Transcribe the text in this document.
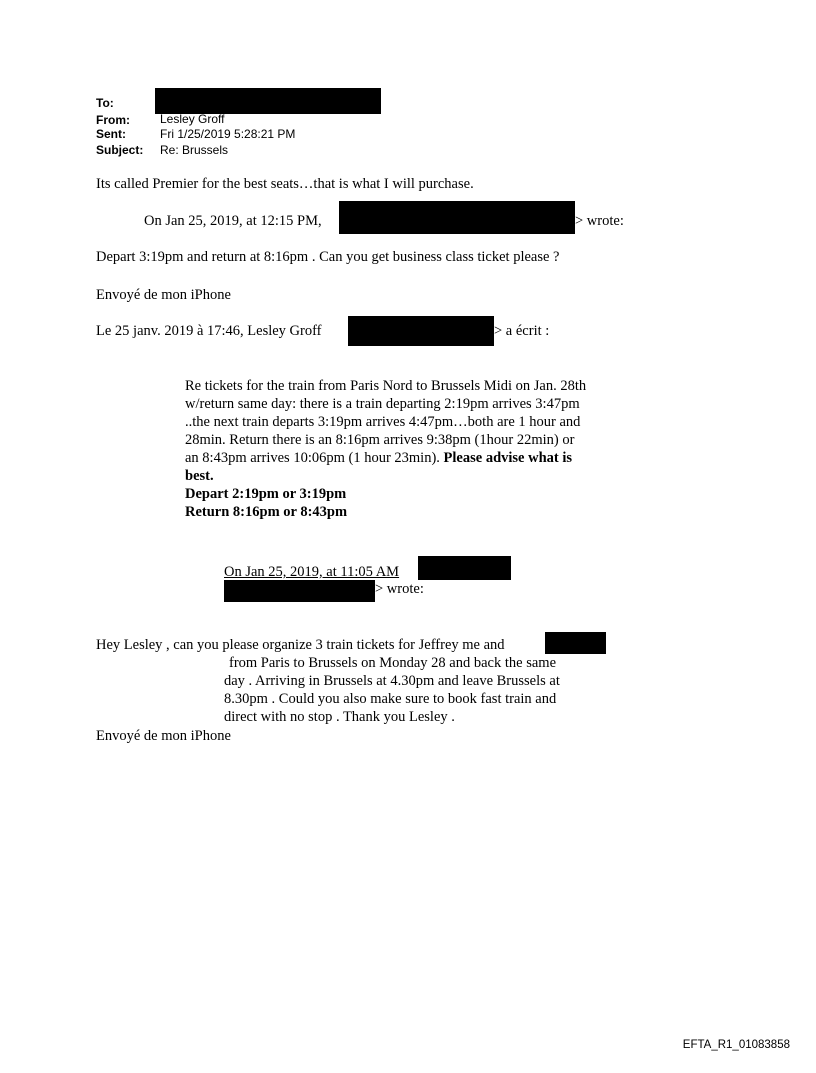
To:
From:	Lesley Groff
Sent:	Fri 1/25/2019 5:28:21 PM
Subject: Re: Brussels
Its called Premier for the best seats…that is what I will purchase.
On Jan 25, 2019, at 12:15 PM,	> wrote:
Depart 3:19pm and return at 8:16pm . Can you get business class ticket please ?
Envoyé de mon iPhone
Le 25 janv. 2019 à 17:46, Lesley Groff	> a écrit :
Re tickets for the train from Paris Nord to Brussels Midi on Jan. 28th
w/return same day: there is a train departing 2:19pm arrives 3:47pm
..the next train departs 3:19pm arrives 4:47pm…both are 1 hour and
28min. Return there is an 8:16pm arrives 9:38pm (1hour 22min) or
an 8:43pm arrives 10:06pm (1 hour 23min). Please advise what is
best.
Depart 2:19pm or 3:19pm
Return 8:16pm or 8:43pm
On Jan 25, 2019, at 11:05 AM
> wrote:
Hey Lesley , can you please organize 3 train tickets for Jeffrey me and
from Paris to Brussels on Monday 28 and back the same
day . Arriving in Brussels at 4.30pm and leave Brussels at
8.30pm . Could you also make sure to book fast train and
direct with no stop . Thank you Lesley .
Envoyé de mon iPhone
EFTA_R1_01083858
